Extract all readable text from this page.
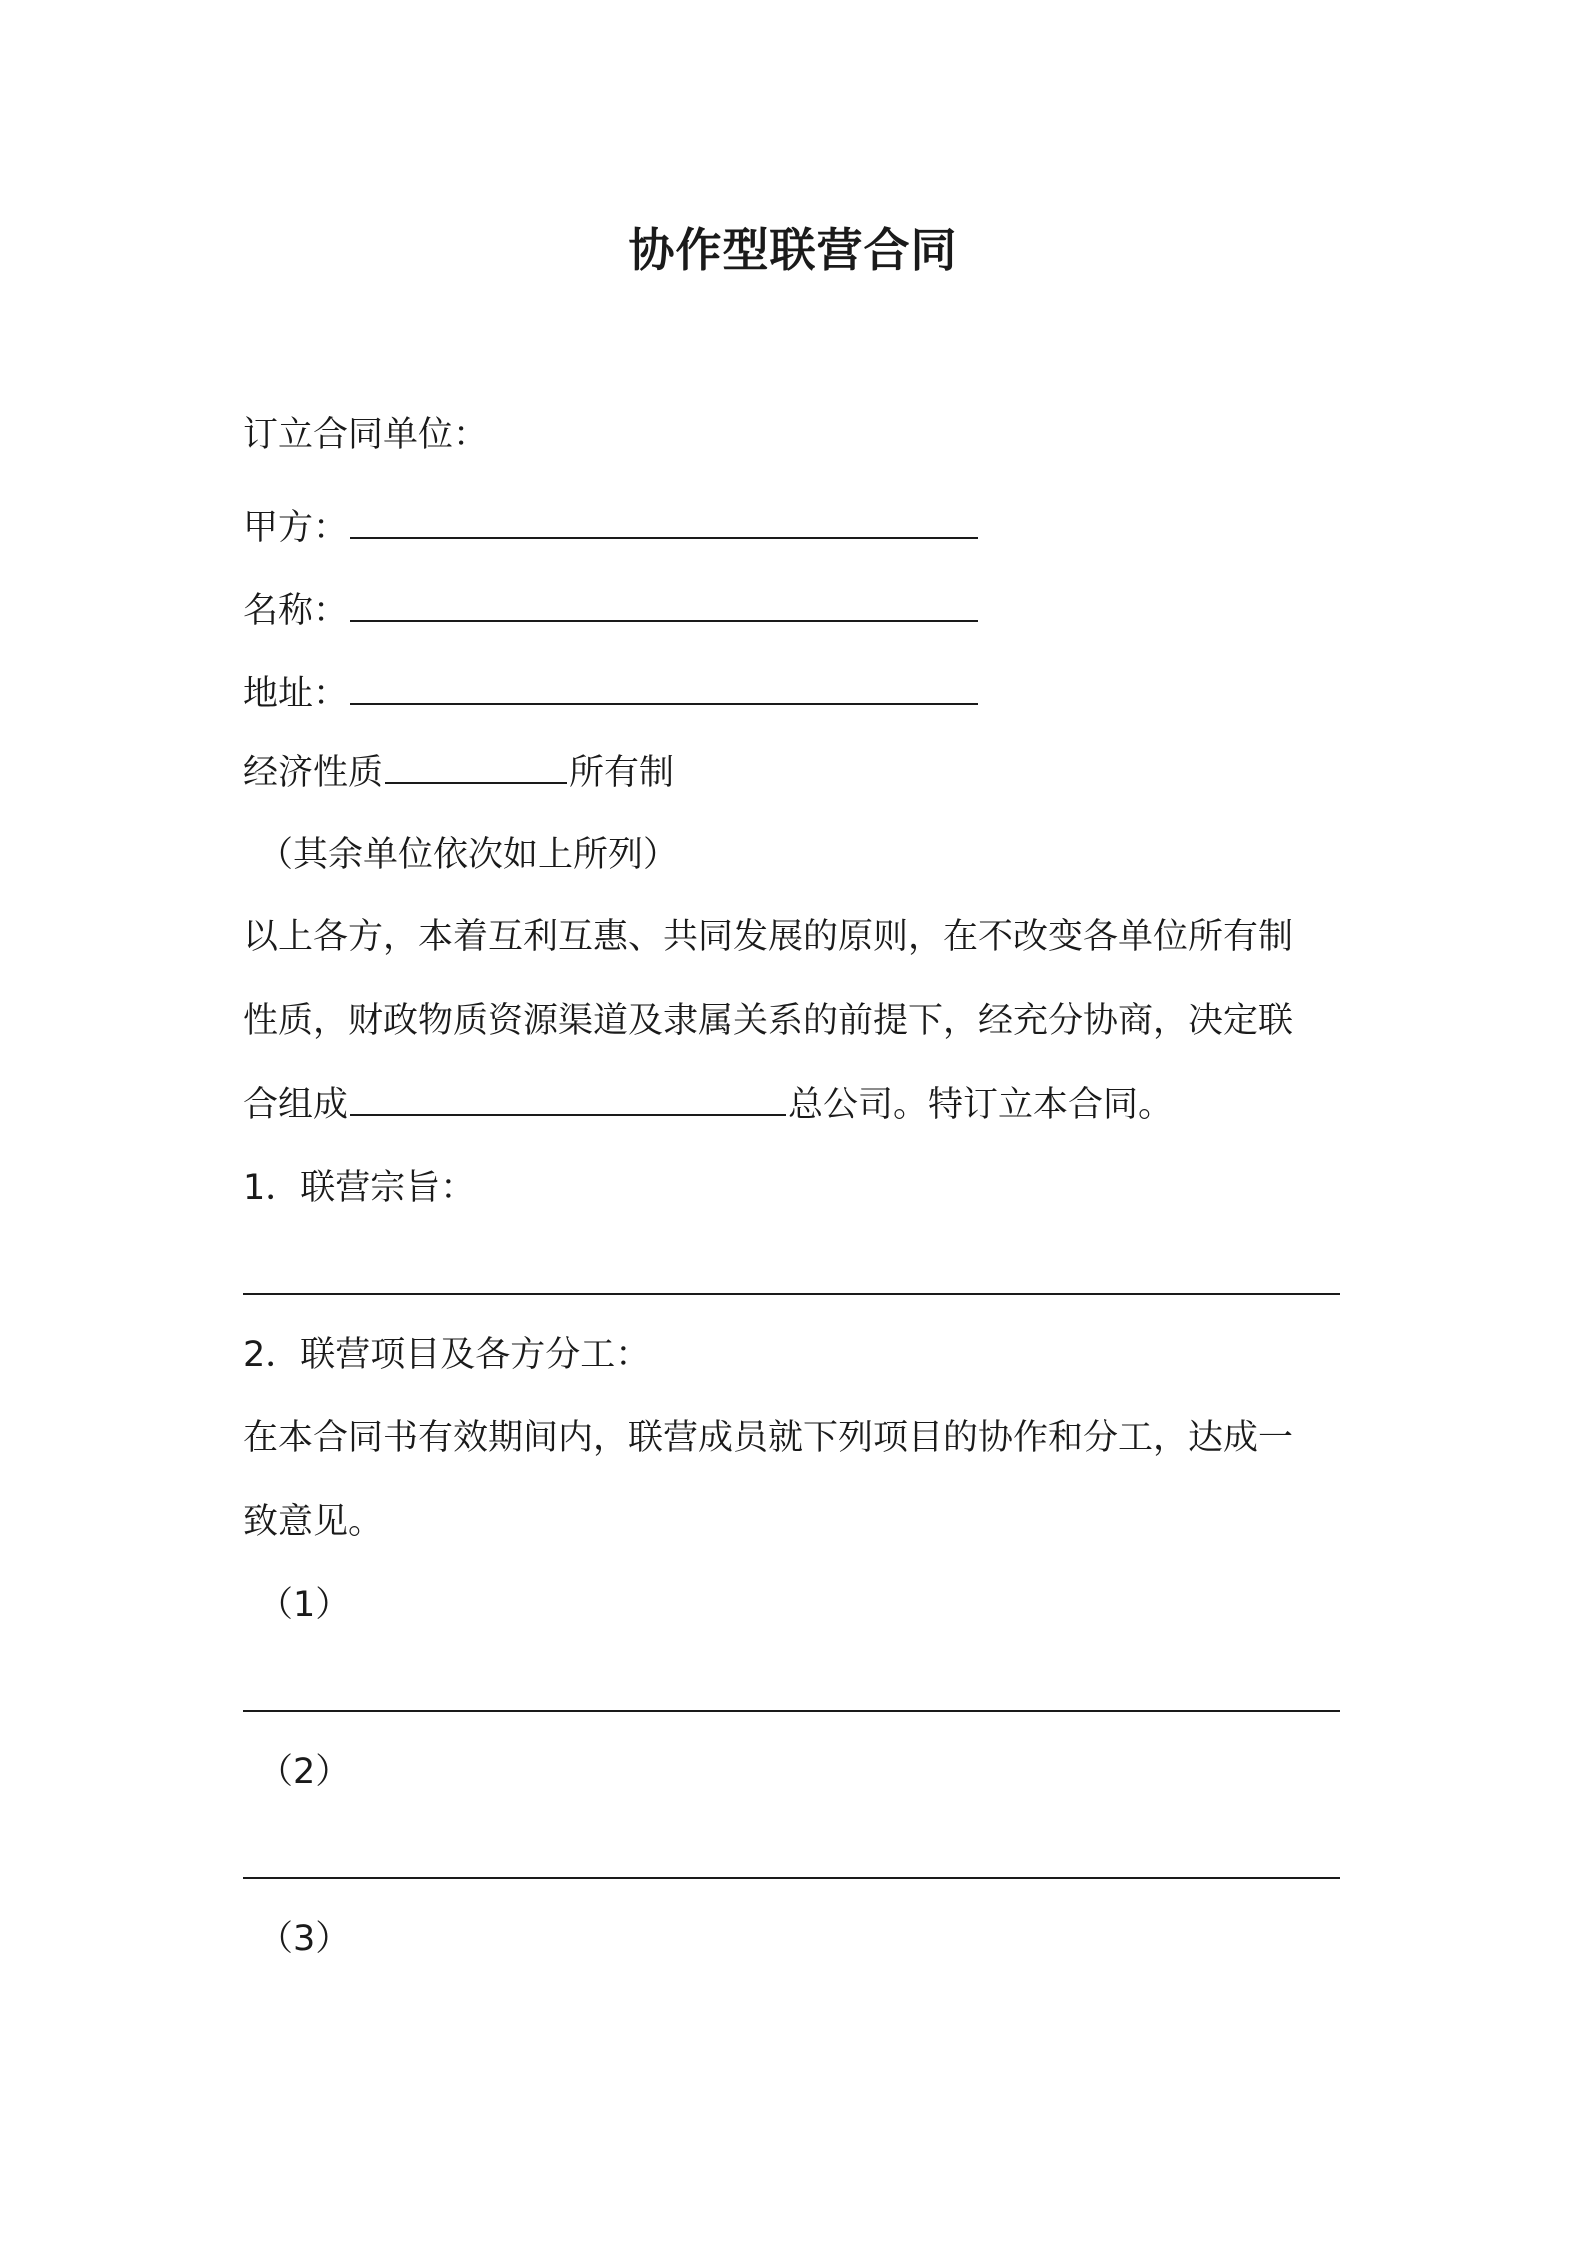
协作型联营合同
订立合同单位：
甲方：
名称：
地址：
经济性质	所有制
（其余单位依次如上所列）
以上各方，本着互利互惠、共同发展的原则，在不改变各单位所有制
性质，财政物质资源渠道及隶属关系的前提下，经充分协商，决定联
合组成	总公司。特订立本合同。
1．联营宗旨：
2．联营项目及各方分工：
在本合同书有效期间内，联营成员就下列项目的协作和分工，达成一
致意见。
（1）
（2）
（3）
